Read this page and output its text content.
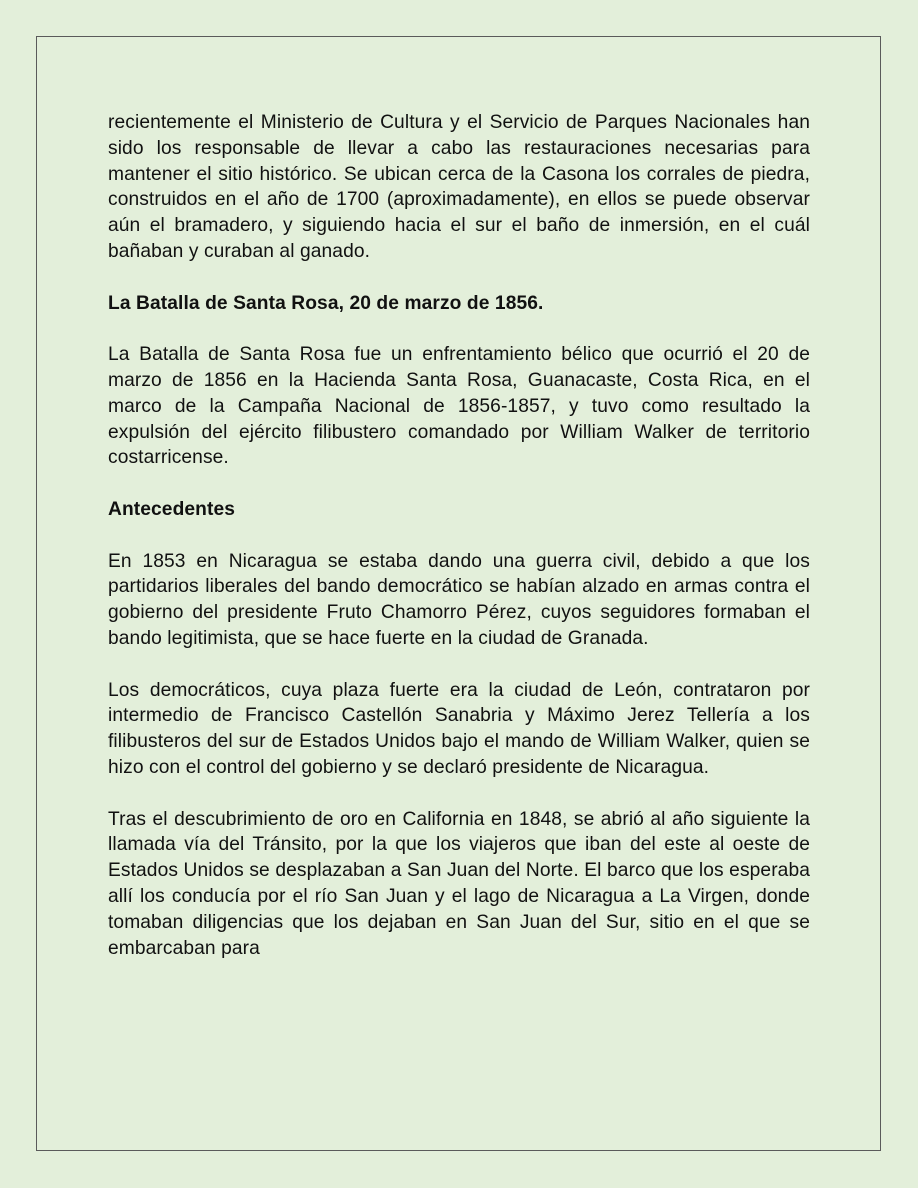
recientemente el Ministerio de Cultura y el Servicio de Parques Nacionales han sido los responsable de llevar a cabo las restauraciones necesarias para mantener el sitio histórico. Se ubican cerca de la Casona los corrales de piedra, construidos en el año de 1700 (aproximadamente), en ellos se puede observar aún el bramadero, y siguiendo hacia el sur el baño de inmersión, en el cuál bañaban y curaban al ganado.

La Batalla de Santa Rosa, 20 de marzo de 1856.

La Batalla de Santa Rosa fue un enfrentamiento bélico que ocurrió el 20 de marzo de 1856 en la Hacienda Santa Rosa, Guanacaste, Costa Rica, en el marco de la Campaña Nacional de 1856-1857, y tuvo como resultado la expulsión del ejército filibustero comandado por William Walker de territorio costarricense.

Antecedentes

En 1853 en Nicaragua se estaba dando una guerra civil, debido a que los partidarios liberales del bando democrático se habían alzado en armas contra el gobierno del presidente Fruto Chamorro Pérez, cuyos seguidores formaban el bando legitimista, que se hace fuerte en la ciudad de Granada.

Los democráticos, cuya plaza fuerte era la ciudad de León, contrataron por intermedio de Francisco Castellón Sanabria y Máximo Jerez Tellería a los filibusteros del sur de Estados Unidos bajo el mando de William Walker, quien se hizo con el control del gobierno y se declaró presidente de Nicaragua.

Tras el descubrimiento de oro en California en 1848, se abrió al año siguiente la llamada vía del Tránsito, por la que los viajeros que iban del este al oeste de Estados Unidos se desplazaban a San Juan del Norte. El barco que los esperaba allí los conducía por el río San Juan y el lago de Nicaragua a La Virgen, donde tomaban diligencias que los dejaban en San Juan del Sur, sitio en el que se embarcaban para
